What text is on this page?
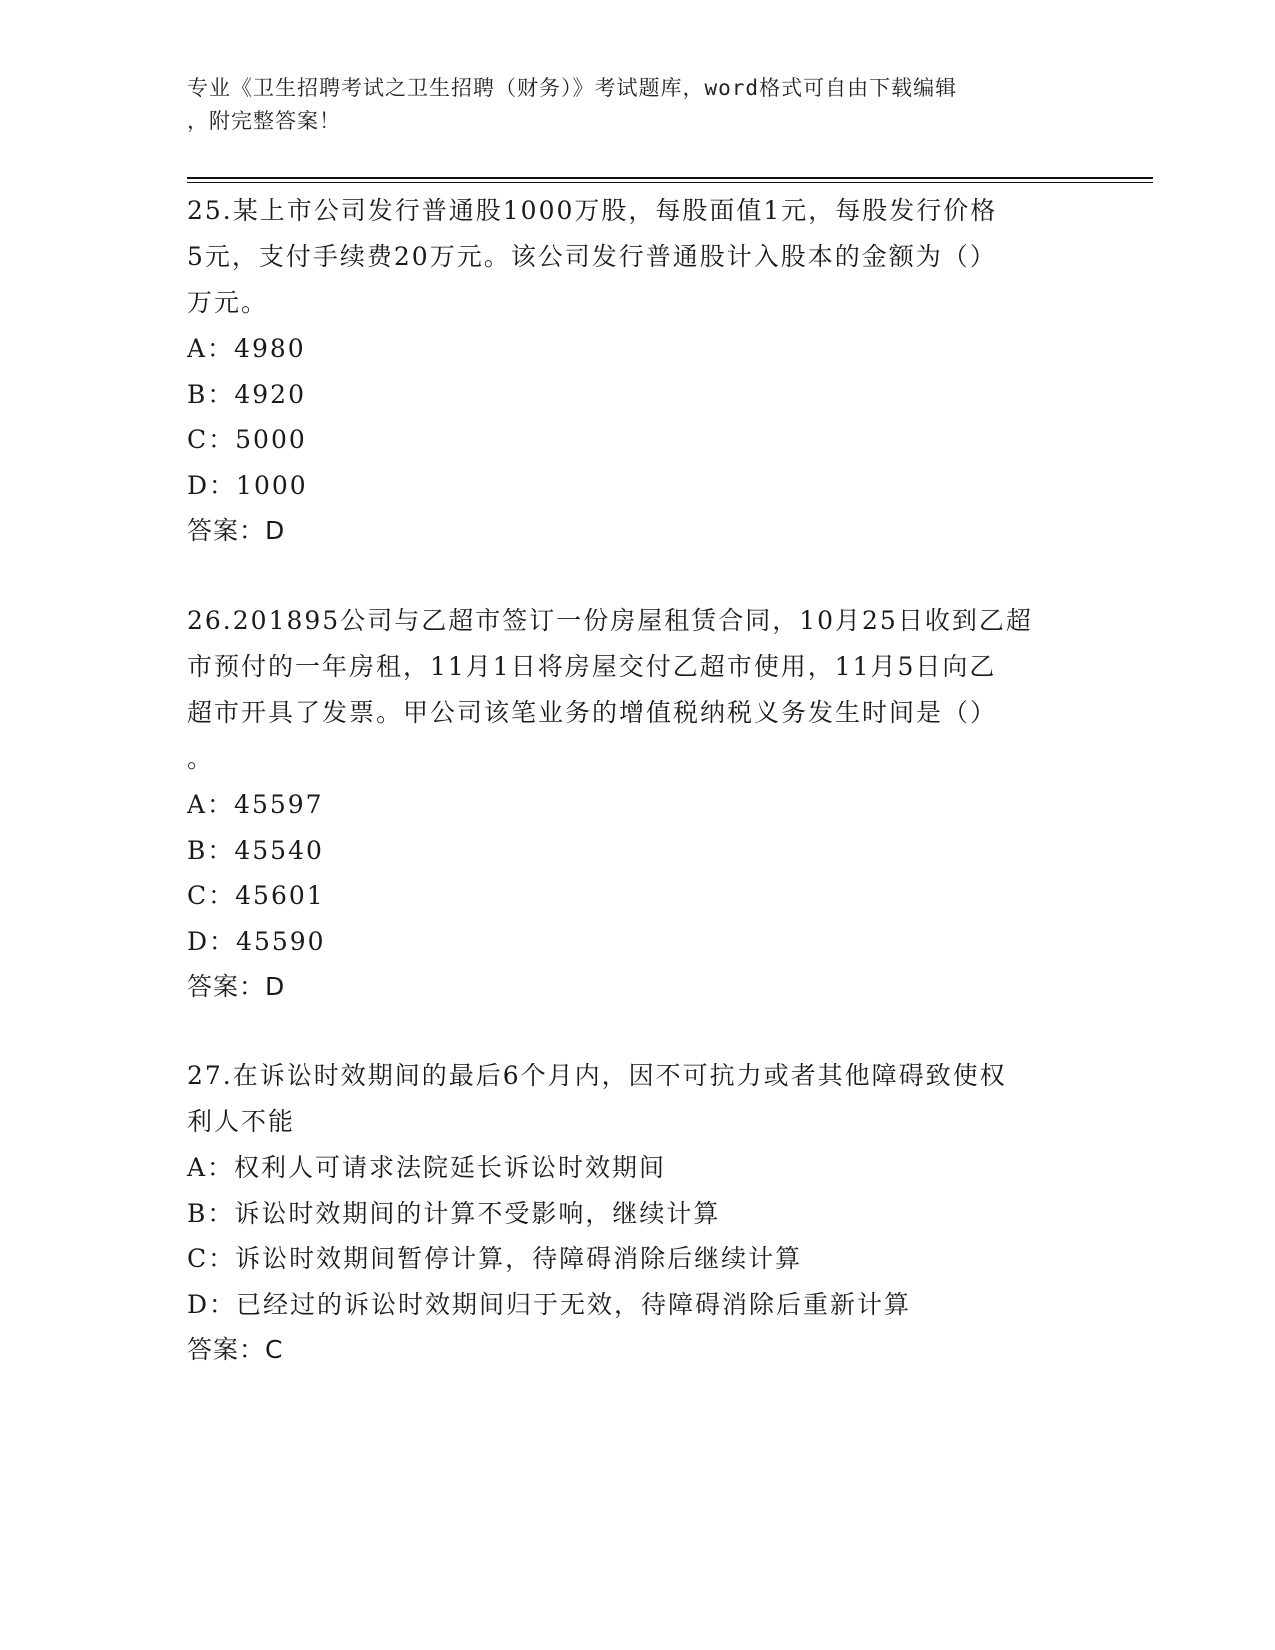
专业《卫生招聘考试之卫生招聘（财务）》考试题库，word格式可自由下载编辑
，附完整答案！
25.某上市公司发行普通股1000万股，每股面值1元，每股发行价格
5元，支付手续费20万元。该公司发行普通股计入股本的金额为（）
万元。
A：4980
B：4920
C：5000
D：1000
答案：D
26.201895公司与乙超市签订一份房屋租赁合同，10月25日收到乙超
市预付的一年房租，11月1日将房屋交付乙超市使用，11月5日向乙
超市开具了发票。甲公司该笔业务的增值税纳税义务发生时间是（）
。
A：45597
B：45540
C：45601
D：45590
答案：D
27.在诉讼时效期间的最后6个月内，因不可抗力或者其他障碍致使权
利人不能
A：权利人可请求法院延长诉讼时效期间
B：诉讼时效期间的计算不受影响，继续计算
C：诉讼时效期间暂停计算，待障碍消除后继续计算
D：已经过的诉讼时效期间归于无效，待障碍消除后重新计算
答案：C
